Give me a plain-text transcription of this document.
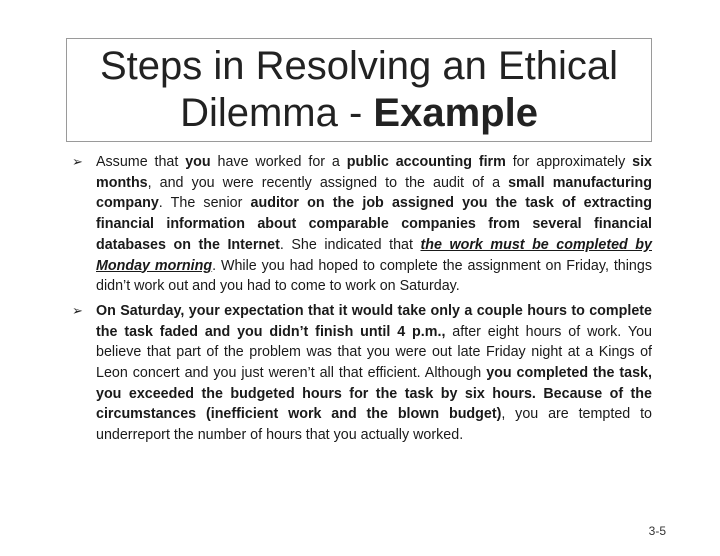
Steps in Resolving an Ethical
Dilemma - Example
➢ Assume that you have worked for a public accounting firm for approximately six months, and you were recently assigned to the audit of a small manufacturing company. The senior auditor on the job assigned you the task of extracting financial information about comparable companies from several financial databases on the Internet. She indicated that the work must be completed by Monday morning. While you had hoped to complete the assignment on Friday, things didn’t work out and you had to come to work on Saturday.
➢ On Saturday, your expectation that it would take only a couple hours to complete the task faded and you didn’t finish until 4 p.m., after eight hours of work. You believe that part of the problem was that you were out late Friday night at a Kings of Leon concert and you just weren’t all that efficient. Although you completed the task, you exceeded the budgeted hours for the task by six hours. Because of the circumstances (inefficient work and the blown budget), you are tempted to underreport the number of hours that you actually worked.
3-5
